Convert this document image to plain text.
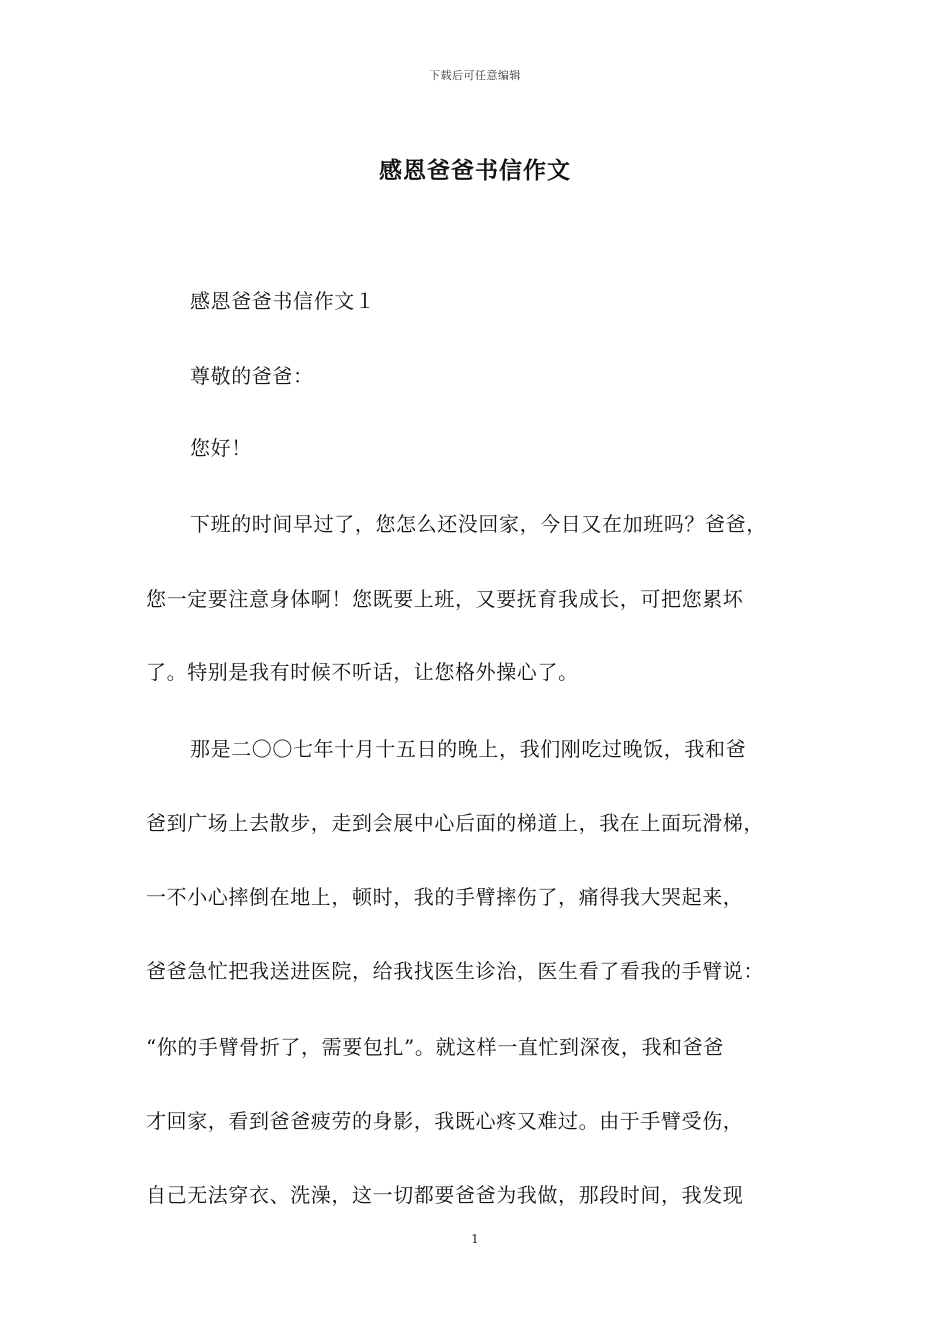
下载后可任意编辑
感恩爸爸书信作文
感恩爸爸书信作文１
尊敬的爸爸：
您好！
下班的时间早过了，您怎么还没回家，今日又在加班吗？爸爸，
您一定要注意身体啊！您既要上班，又要抚育我成长，可把您累坏
了。特别是我有时候不听话，让您格外操心了。
那是二〇〇七年十月十五日的晚上，我们刚吃过晚饭，我和爸
爸到广场上去散步，走到会展中心后面的梯道上，我在上面玩滑梯，
一不小心摔倒在地上，顿时，我的手臂摔伤了，痛得我大哭起来，
爸爸急忙把我送进医院，给我找医生诊治，医生看了看我的手臂说：
“你的手臂骨折了，需要包扎”。就这样一直忙到深夜，我和爸爸
才回家，看到爸爸疲劳的身影，我既心疼又难过。由于手臂受伤，
自己无法穿衣、洗澡，这一切都要爸爸为我做，那段时间，我发现
1
